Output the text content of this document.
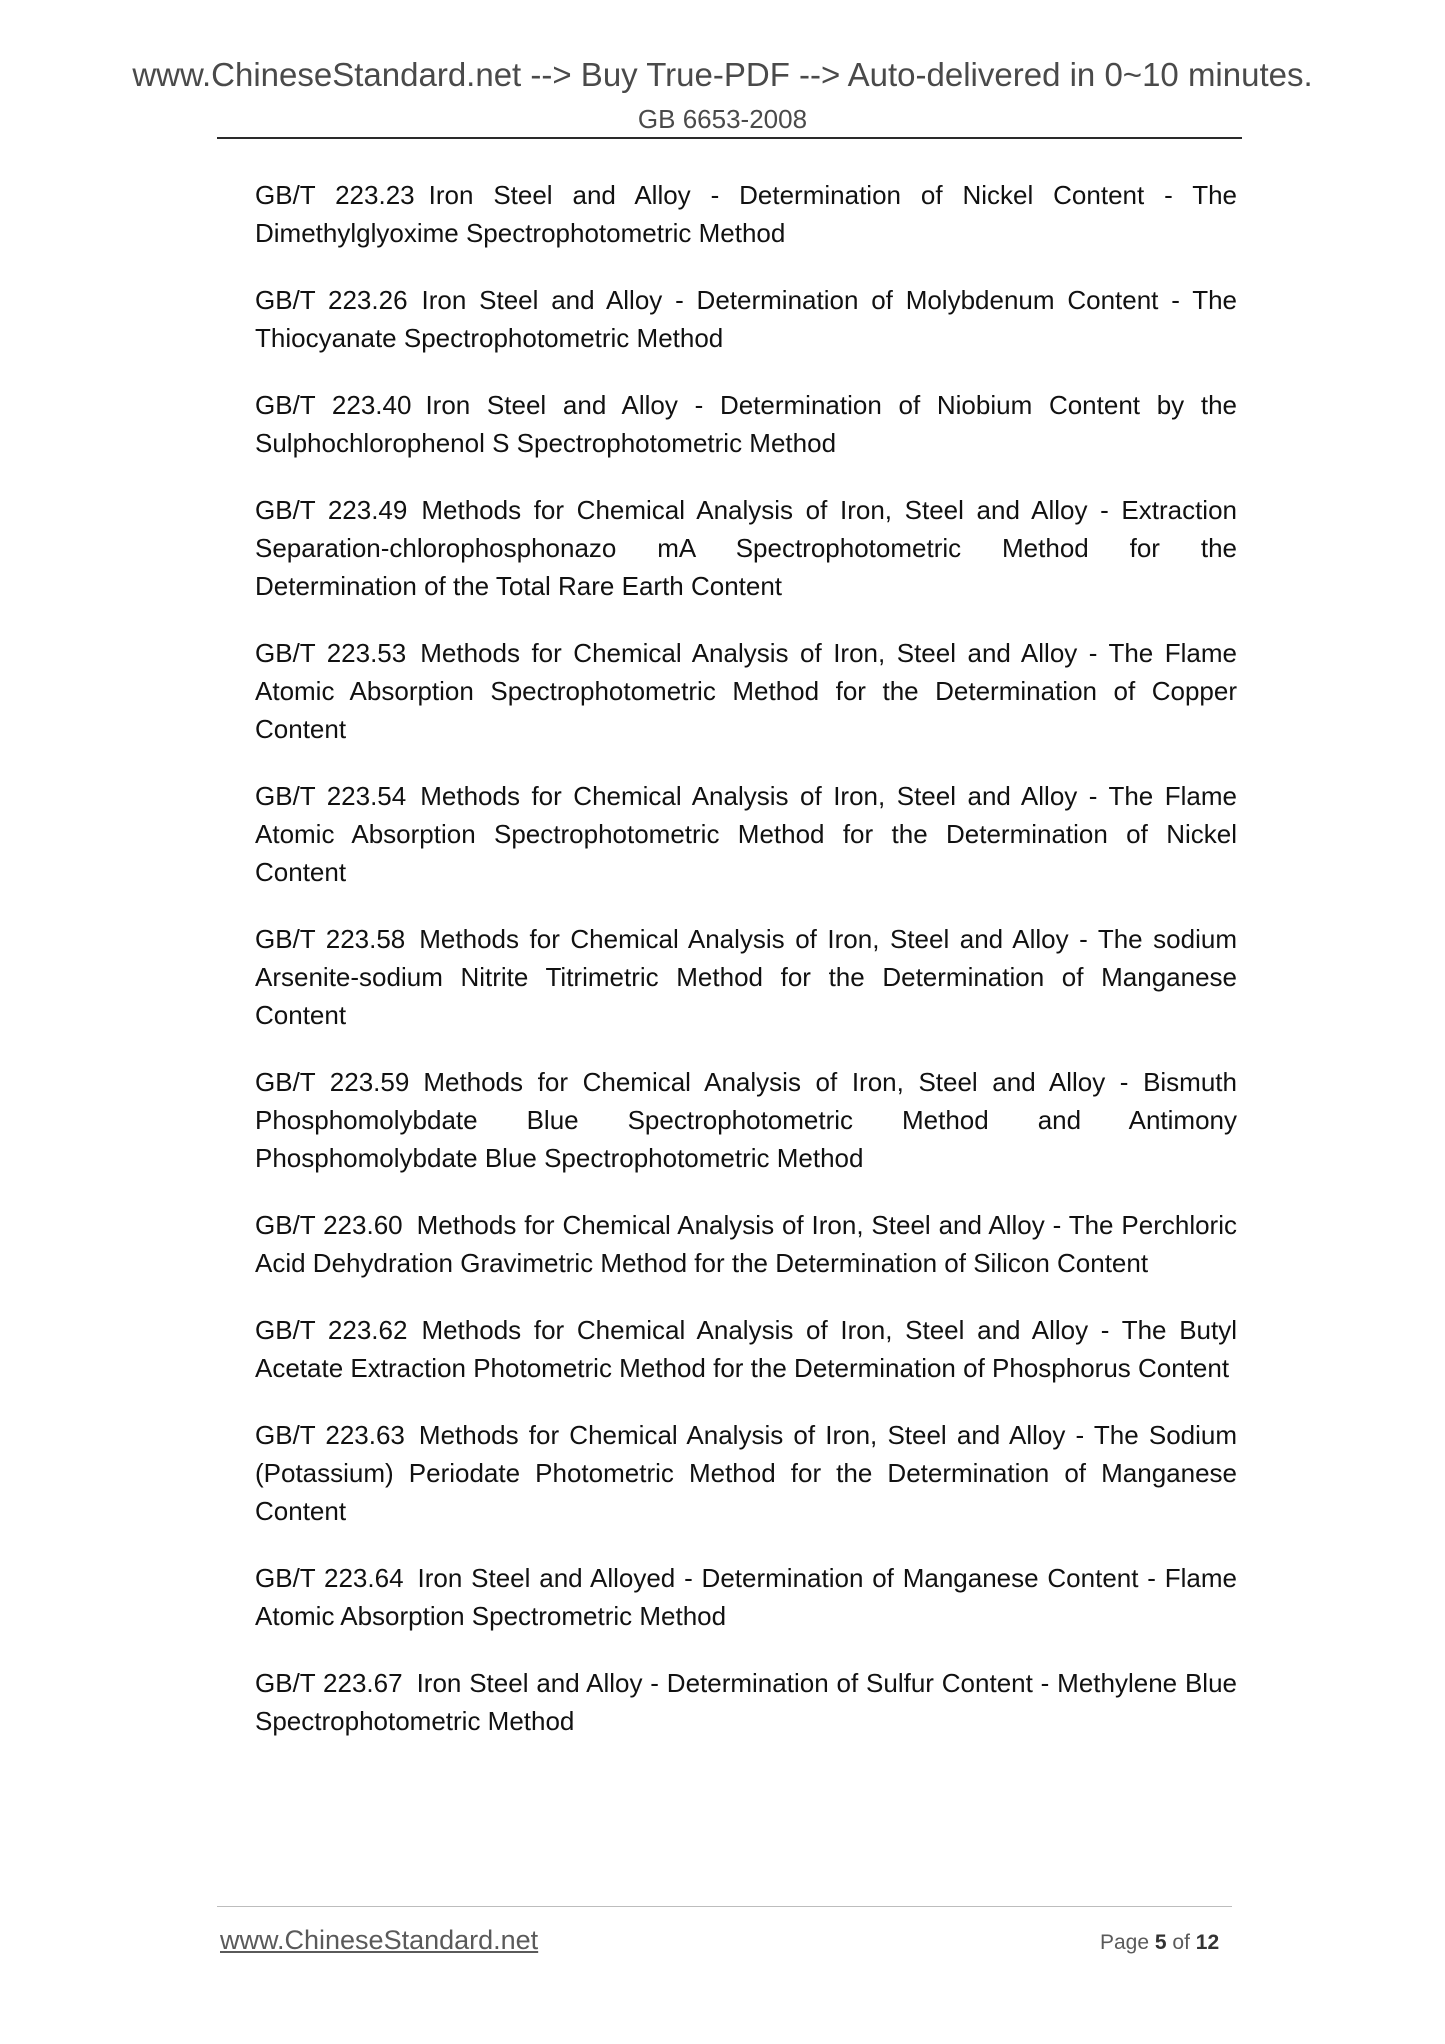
www.ChineseStandard.net --> Buy True-PDF --> Auto-delivered in 0~10 minutes.
GB 6653-2008

GB/T 223.23 Iron Steel and Alloy - Determination of Nickel Content - The Dimethylglyoxime Spectrophotometric Method

GB/T 223.26 Iron Steel and Alloy - Determination of Molybdenum Content - The Thiocyanate Spectrophotometric Method

GB/T 223.40 Iron Steel and Alloy - Determination of Niobium Content by the Sulphochlorophenol S Spectrophotometric Method

GB/T 223.49 Methods for Chemical Analysis of Iron, Steel and Alloy - Extraction Separation-chlorophosphonazo mA Spectrophotometric Method for the Determination of the Total Rare Earth Content

GB/T 223.53 Methods for Chemical Analysis of Iron, Steel and Alloy - The Flame Atomic Absorption Spectrophotometric Method for the Determination of Copper Content

GB/T 223.54 Methods for Chemical Analysis of Iron, Steel and Alloy - The Flame Atomic Absorption Spectrophotometric Method for the Determination of Nickel Content

GB/T 223.58 Methods for Chemical Analysis of Iron, Steel and Alloy - The sodium Arsenite-sodium Nitrite Titrimetric Method for the Determination of Manganese Content

GB/T 223.59 Methods for Chemical Analysis of Iron, Steel and Alloy - Bismuth Phosphomolybdate Blue Spectrophotometric Method and Antimony Phosphomolybdate Blue Spectrophotometric Method

GB/T 223.60 Methods for Chemical Analysis of Iron, Steel and Alloy - The Perchloric Acid Dehydration Gravimetric Method for the Determination of Silicon Content

GB/T 223.62 Methods for Chemical Analysis of Iron, Steel and Alloy - The Butyl Acetate Extraction Photometric Method for the Determination of Phosphorus Content

GB/T 223.63 Methods for Chemical Analysis of Iron, Steel and Alloy - The Sodium (Potassium) Periodate Photometric Method for the Determination of Manganese Content

GB/T 223.64 Iron Steel and Alloyed - Determination of Manganese Content - Flame Atomic Absorption Spectrometric Method

GB/T 223.67 Iron Steel and Alloy - Determination of Sulfur Content - Methylene Blue Spectrophotometric Method

www.ChineseStandard.net	Page 5 of 12
